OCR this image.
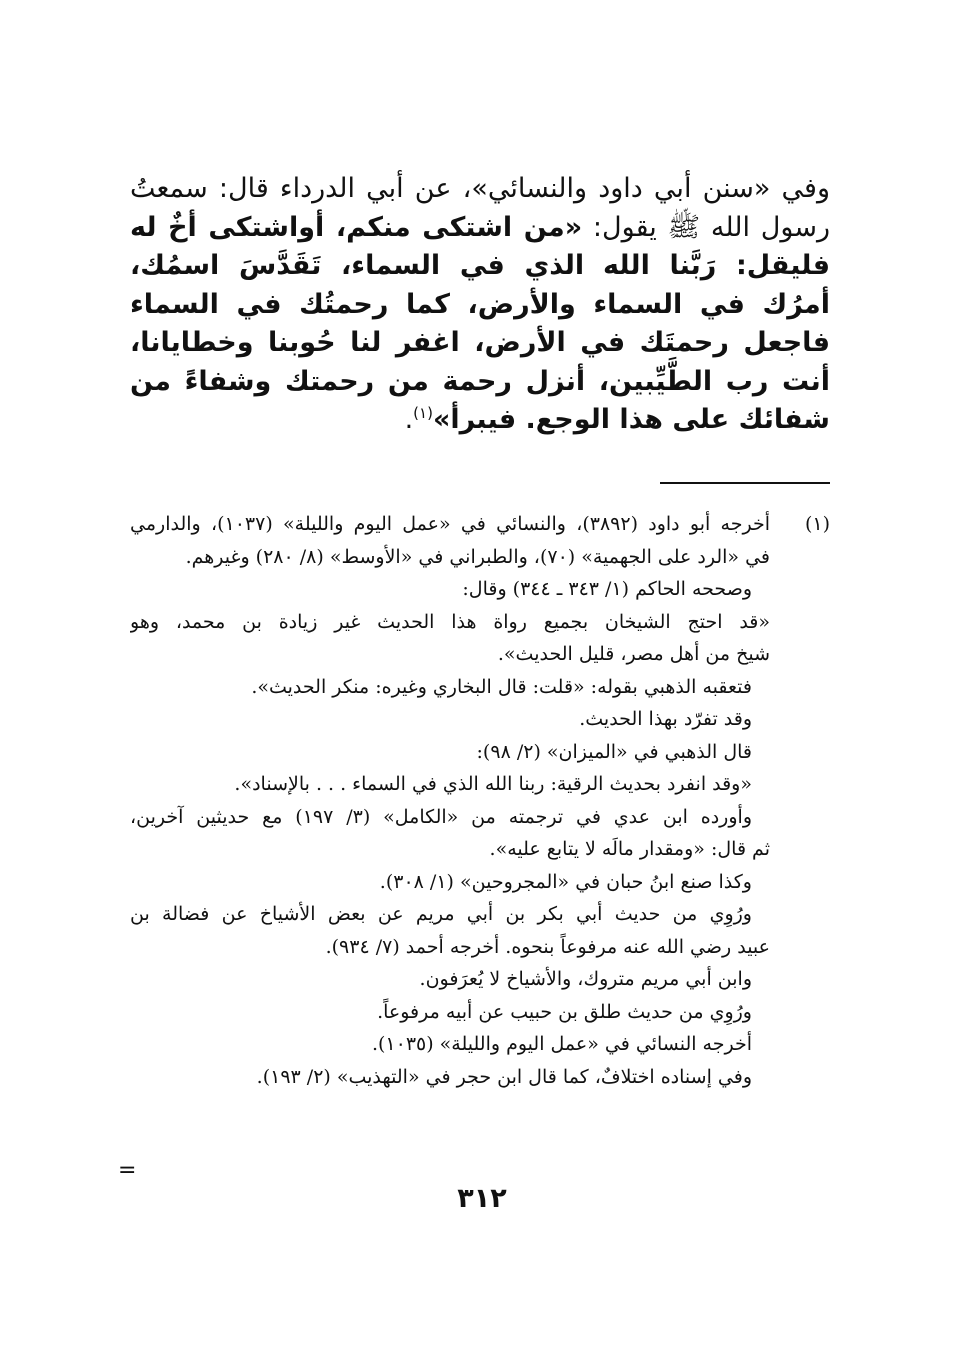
وفي «سنن أبي داود والنسائي»، عن أبي الدرداء قال: سمعتُ رسول الله ﷺ يقول: «من اشتكى منكم، أواشتكى أخٌ له فليقل: رَبَّنا الله الذي في السماء، تَقَدَّسَ اسمُك، أمرُك في السماء والأرض، كما رحمتُك في السماء فاجعل رحمتَك في الأرض، اغفر لنا حُوبنا وخطايانا، أنت رب الطَّيِّبين، أنزل رحمة من رحمتك وشفاءً من شفائك على هذا الوجع. فيبرأ»$^{(١)}$.
(١)
أخرجه أبو داود (٣٨٩٢)، والنسائي في «عمل اليوم والليلة» (١٠٣٧)، والدارمي
في «الرد على الجهمية» (٧٠)، والطبراني في «الأوسط» (٨/ ٢٨٠) وغيرهم.
وصححه الحاكم (١/ ٣٤٣ ـ ٣٤٤) وقال:
«قد احتج الشيخان بجميع رواة هذا الحديث غير زيادة بن محمد، وهو
شيخ من أهل مصر، قليل الحديث».
فتعقبه الذهبي بقوله: «قلت: قال البخاري وغيره: منكر الحديث».
وقد تفرّد بهذا الحديث.
قال الذهبي في «الميزان» (٢/ ٩٨):
«وقد انفرد بحديث الرقية: ربنا الله الذي في السماء . . . بالإسناد».
وأورده ابن عدي في ترجمته من «الكامل» (٣/ ١٩٧) مع حديثين آخرين،
ثم قال: «ومقدار مالَه لا يتابع عليه».
وكذا صنع ابنُ حبان في «المجروحين» (١/ ٣٠٨).
ورُوِي من حديث أبي بكر بن أبي مريم عن بعض الأشياخ عن فضالة بن
عبيد رضي الله عنه مرفوعاً بنحوه. أخرجه أحمد (٧/ ٩٣٤).
وابن أبي مريم متروك، والأشياخ لا يُعرَفون.
ورُوِي من حديث طلق بن حبيب عن أبيه مرفوعاً.
أخرجه النسائي في «عمل اليوم والليلة» (١٠٣٥).
وفي إسناده اختلافٌ، كما قال ابن حجر في «التهذيب» (٢/ ١٩٣).
=
٣١٢
